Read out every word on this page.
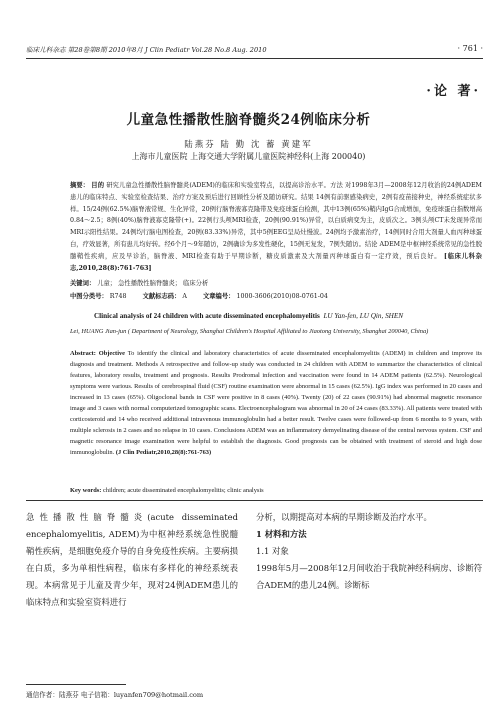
临床儿科杂志 第28卷第8期 2010年8月 J Clin Pediatr Vol.28 No.8 Aug. 2010	· 761 ·
·论 著·
儿童急性播散性脑脊髓炎24例临床分析
陆燕芬 陆 勤 沈 蓄 黄建军
上海市儿童医院 上海交通大学附属儿童医院神经科(上海 200040)
摘要： 目的 研究儿童急性播散性脑脊髓炎(ADEM)的临床和实验室特点，以提高诊治水平。方法 对1998年3月—2008年12月收治的24例ADEM患儿的临床特点、实验室检查结果、治疗方案及预后进行回顾性分析及随访研究。结果 14例有前驱感染病史，2例有疫苗接种史，神经系统症状多样。15/24例(62.5%)脑脊液常规、生化异常，20例行脑脊液寡克隆带及免疫球蛋白检测，其中13例(65%)鞘内IgG合成增加，免疫球蛋白指数增高0.84～2.5；8例(40%)脑脊液寡克隆带(+)。22例行头颅MRI检查，20例(90.91%)异常，以白质病变为主，皮质次之。3例头颅CT未发现异常而MRI示阳性结果。24例均行脑电图检查，20例(83.33%)异常，其中5例EEG呈局灶慢波。24例均予激素治疗，14例同时合用大剂量人血丙种球蛋白，疗效显著，所有患儿均好转。经6个月～9年随访，2例确诊为多发性硬化，15例无复发，7例失随访。结论 ADEM是中枢神经系统常见的急性脱髓鞘性疾病，应及早诊治，脑脊液、MRI检查有助于早期诊断，糖皮质激素及大剂量丙种球蛋白有一定疗效，预后良好。 [临床儿科杂志,2010,28(8):761-763]
关键词： 儿童； 急性播散性脑脊髓炎； 临床分析
中图分类号： R748	文献标志码： A	文章编号： 1000-3606(2010)08-0761-04
Clinical analysis of 24 children with acute disseminated encephalomyelitis LU Yan-fen, LU Qin, SHEN
Lei, HUANG Jian-jun ( Department of Neurology, Shanghai Children's Hospital Affiliated to Jiaotong University, Shanghai 200040, China)
Abstract: Objective To identify the clinical and laboratory characteristics of acute disseminated encephalomyelitis (ADEM) in children and improve its diagnosis and treatment. Methods A retrospective and follow-up study was conducted in 24 children with ADEM to summarize the characteristics of clinical features, laboratory results, treatment and prognosis. Results Prodromal infection and vaccination were found in 14 ADEM patients (62.5%). Neurological symptoms were various. Results of cerebrospinal fluid (CSF) routine examination were abnormal in 15 cases (62.5%). IgG index was performed in 20 cases and increased in 13 cases (65%). Oligoclonal bands in CSF were positive in 8 cases (40%). Twenty (20) of 22 cases (90.91%) had abnormal magnetic resonance image and 3 cases with normal computerized tomographic scans. Electroencephalogram was abnormal in 20 of 24 cases (83.33%). All patients were treated with corticosteroid and 14 who received additional intravenous immunoglobulin had a better result. Twelve cases were followed-up from 6 months to 9 years, with multiple sclerosis in 2 cases and no relapse in 10 cases. Conclusions ADEM was an inflammatory demyelinating disease of the central nervous system. CSF and magnetic resonance image examination were helpful to establish the diagnosis. Good prognosis can be obtained with treatment of steroid and high dose immunoglobulin. (J Clin Pediatr,2010,28(8):761-763)
Key words: children; acute disseminated encephalomyelitis; clinic analysis
急性播散性脑脊髓炎(acute disseminated encephalomyelitis, ADEM)为中枢神经系统急性脱髓鞘性疾病，是细胞免疫介导的自身免疫性疾病。主要病损在白质，多为单相性病程，临床有多样化的神经系统表现。本病常见于儿童及青少年，现对24例ADEM患儿的临床特点和实验室资料进行

分析，以期提高对本病的早期诊断及治疗水平。

1 材料和方法

1.1 对象

1998年5月—2008年12月间收治于我院神经科病房、诊断符合ADEM的患儿24例。诊断标

通信作者：陆燕芬 电子信箱：luyanfen709@hotmail.com
